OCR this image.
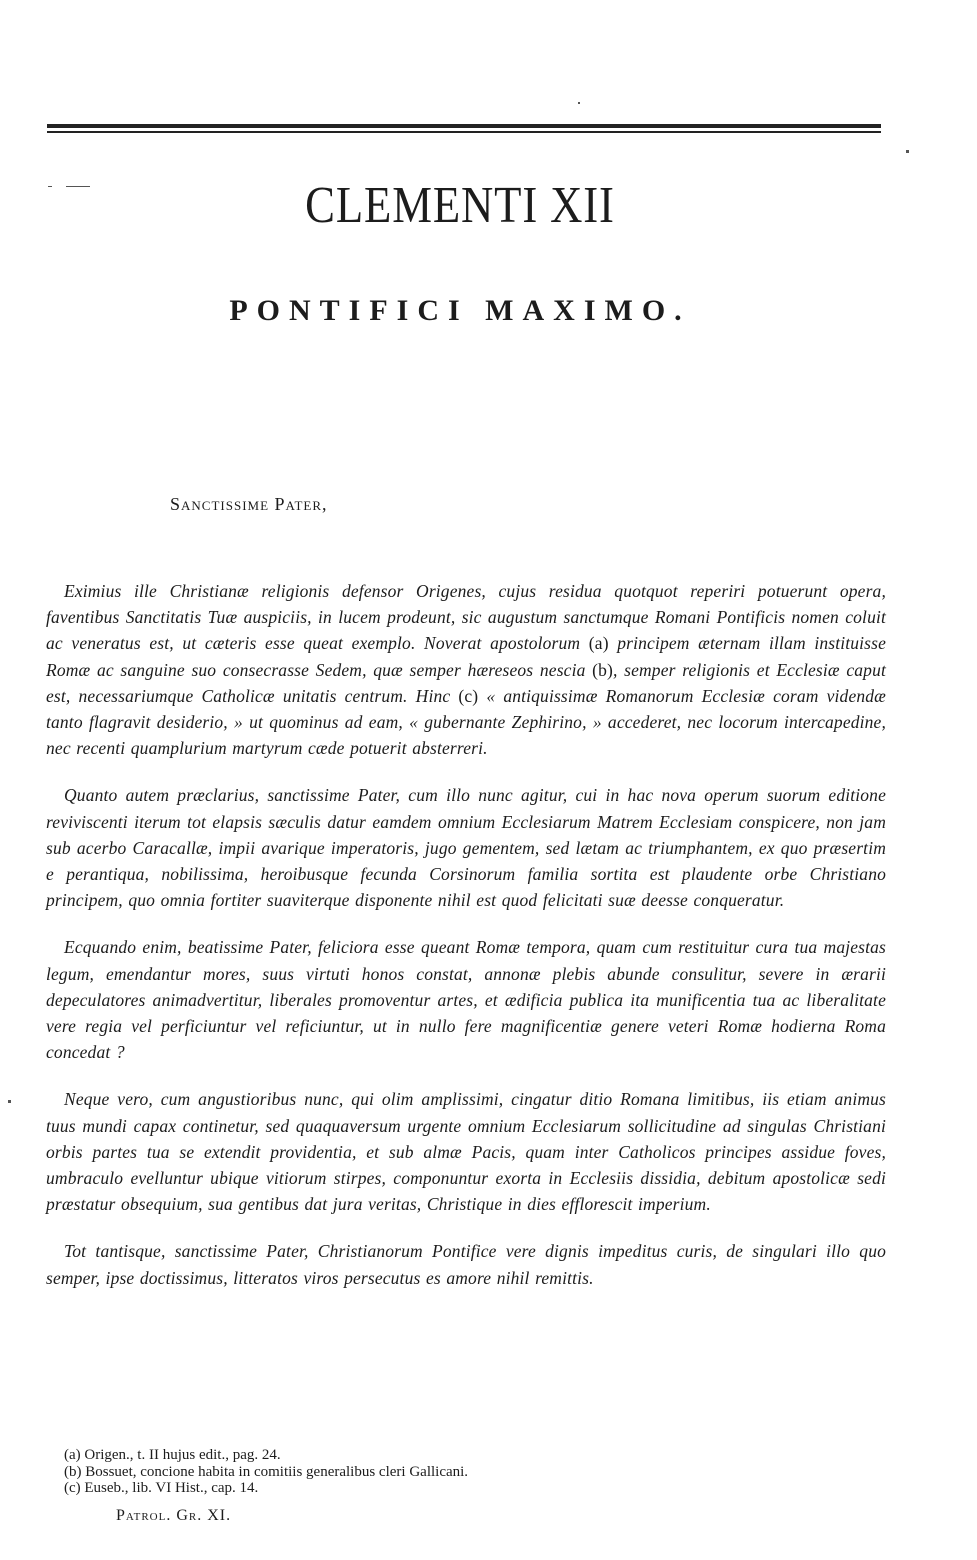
CLEMENTI XII
PONTIFICI MAXIMO.

Sanctissime Pater,

Eximius ille Christianæ religionis defensor Origenes, cujus residua quotquot reperiri potuerunt opera, faventibus Sanctitatis Tuæ auspiciis, in lucem prodeunt, sic augustum sanctumque Romani Pontificis nomen coluit ac veneratus est, ut cæteris esse queat exemplo. Noverat apostolorum (a) principem æternam illam instituisse Romæ ac sanguine suo consecrasse Sedem, quæ semper hæreseos nescia (b), semper religionis et Ecclesiæ caput est, necessariumque Catholicæ unitatis centrum. Hinc (c) « antiquissimæ Romanorum Ecclesiæ coram videndæ tanto flagravit desiderio, » ut quominus ad eam, « gubernante Zephirino, » accederet, nec locorum intercapedine, nec recenti quamplurium martyrum cæde potuerit absterreri.

Quanto autem præclarius, sanctissime Pater, cum illo nunc agitur, cui in hac nova operum suorum editione reviviscenti iterum tot elapsis sæculis datur eamdem omnium Ecclesiarum Matrem Ecclesiam conspicere, non jam sub acerbo Caracallæ, impii avarique imperatoris, jugo gementem, sed lætam ac triumphantem, ex quo præsertim e perantiqua, nobilissima, heroibusque fecunda Corsinorum familia sortita est plaudente orbe Christiano principem, quo omnia fortiter suaviterque disponente nihil est quod felicitati suæ deesse conqueratur.

Ecquando enim, beatissime Pater, feliciora esse queant Romæ tempora, quam cum restituitur cura tua majestas legum, emendantur mores, suus virtuti honos constat, annonæ plebis abunde consulitur, severe in ærarii depeculatores animadvertitur, liberales promoventur artes, et ædificia publica ita munificentia tua ac liberalitate vere regia vel perficiuntur vel reficiuntur, ut in nullo fere magnificentiæ genere veteri Romæ hodierna Roma concedat ?

Neque vero, cum angustioribus nunc, qui olim amplissimi, cingatur ditio Romana limitibus, iis etiam animus tuus mundi capax continetur, sed quaquaversum urgente omnium Ecclesiarum sollicitudine ad singulas Christiani orbis partes tua se extendit providentia, et sub almæ Pacis, quam inter Catholicos principes assidue foves, umbraculo evelluntur ubique vitiorum stirpes, componuntur exorta in Ecclesiis dissidia, debitum apostolicæ sedi præstatur obsequium, sua gentibus dat jura veritas, Christique in dies efflorescit imperium.

Tot tantisque, sanctissime Pater, Christianorum Pontifice vere dignis impeditus curis, de singulari illo quo semper, ipse doctissimus, litteratos viros persecutus es amore nihil remittis.

(a) Origen., t. II hujus edit., pag. 24.

(b) Bossuet, concione habita in comitiis generalibus cleri Gallicani.

(c) Euseb., lib. VI Hist., cap. 14.

Patrol. Gr. XI.
